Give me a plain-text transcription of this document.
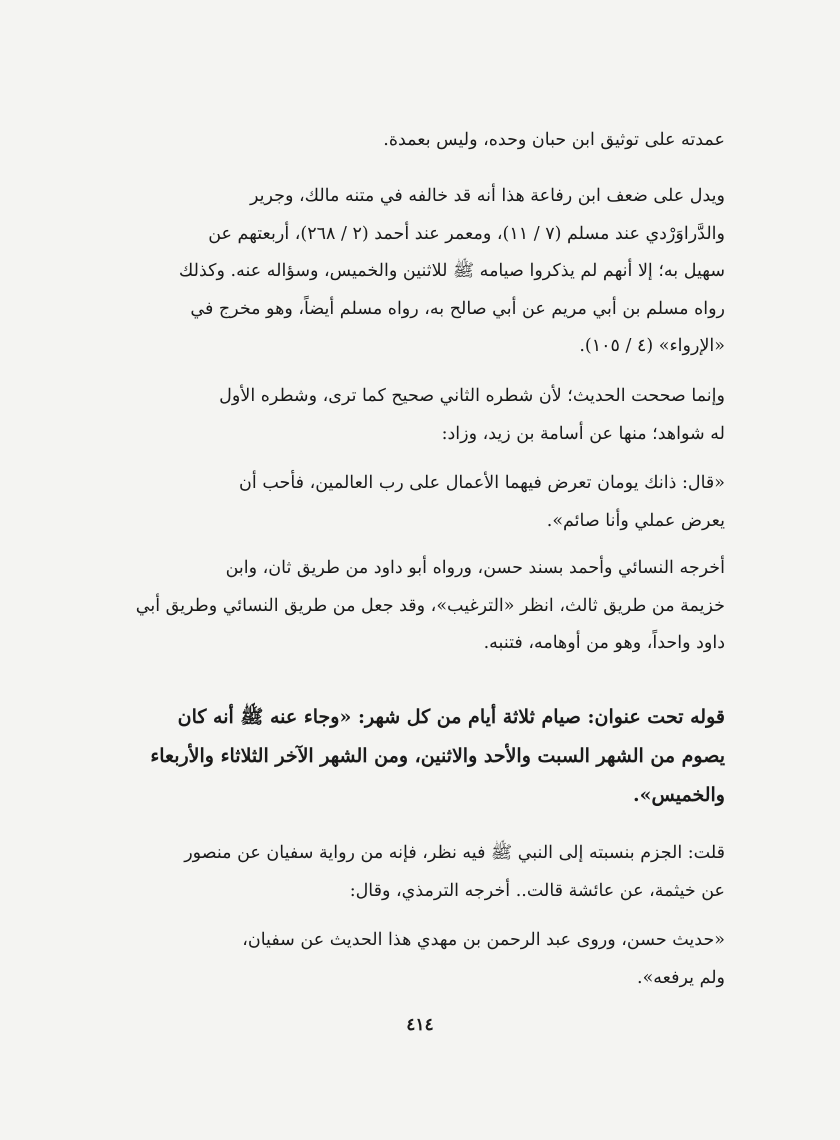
عمدته على توثيق ابن حبان وحده، وليس بعمدة.
ويدل على ضعف ابن رفاعة هذا أنه قد خالفه في متنه مالك، وجرير
والدَّراوَرْدي عند مسلم (٧ / ١١)، ومعمر عند أحمد (٢ / ٢٦٨)، أربعتهم عن
سهيل به؛ إلا أنهم لم يذكروا صيامه ﷺ للاثنين والخميس، وسؤاله عنه. وكذلك
رواه مسلم بن أبي مريم عن أبي صالح به، رواه مسلم أيضاً، وهو مخرج في
«الإرواء» (٤ / ١٠٥).
وإنما صححت الحديث؛ لأن شطره الثاني صحيح كما ترى، وشطره الأول
له شواهد؛ منها عن أسامة بن زيد، وزاد:
«قال: ذانك يومان تعرض فيهما الأعمال على رب العالمين، فأحب أن
يعرض عملي وأنا صائم».
أخرجه النسائي وأحمد بسند حسن، ورواه أبو داود من طريق ثان، وابن
خزيمة من طريق ثالث، انظر «الترغيب»، وقد جعل من طريق النسائي وطريق أبي
داود واحداً، وهو من أوهامه، فتنبه.
قوله تحت عنوان: صيام ثلاثة أيام من كل شهر: «وجاء عنه ﷺ أنه كان
يصوم من الشهر السبت والأحد والاثنين، ومن الشهر الآخر الثلاثاء والأربعاء
والخميس».
قلت: الجزم بنسبته إلى النبي ﷺ فيه نظر، فإنه من رواية سفيان عن منصور
عن خيثمة، عن عائشة قالت.. أخرجه الترمذي، وقال:
«حديث حسن، وروى عبد الرحمن بن مهدي هذا الحديث عن سفيان،
ولم يرفعه».
٤١٤
